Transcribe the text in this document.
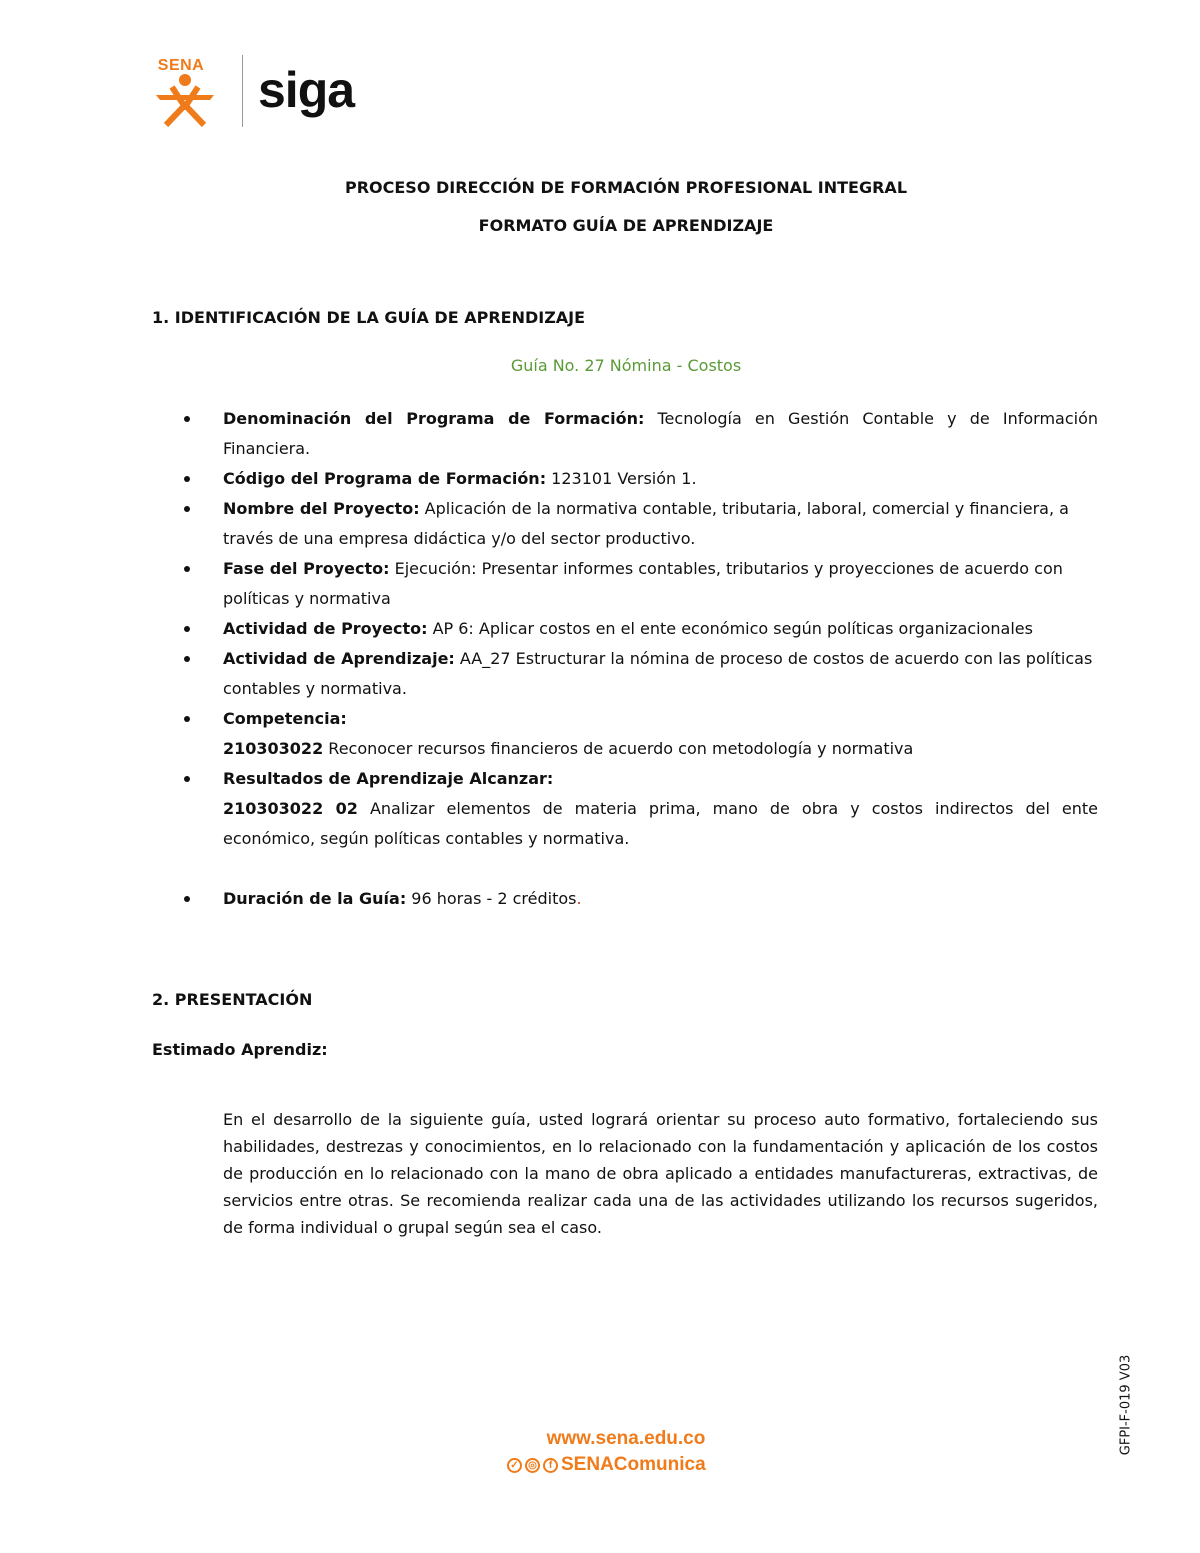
SENA siga
PROCESO DIRECCIÓN DE FORMACIÓN PROFESIONAL INTEGRAL
FORMATO GUÍA DE APRENDIZAJE
1. IDENTIFICACIÓN DE LA GUÍA DE APRENDIZAJE
Guía No. 27 Nómina - Costos
Denominación del Programa de Formación: Tecnología en Gestión Contable y de Información Financiera.
Código del Programa de Formación: 123101 Versión 1.
Nombre del Proyecto: Aplicación de la normativa contable, tributaria, laboral, comercial y financiera, a través de una empresa didáctica y/o del sector productivo.
Fase del Proyecto: Ejecución: Presentar informes contables, tributarios y proyecciones de acuerdo con políticas y normativa
Actividad de Proyecto: AP 6: Aplicar costos en el ente económico según políticas organizacionales
Actividad de Aprendizaje: AA_27 Estructurar la nómina de proceso de costos de acuerdo con las políticas contables y normativa.
Competencia:
210303022 Reconocer recursos financieros de acuerdo con metodología y normativa
Resultados de Aprendizaje Alcanzar:
210303022 02 Analizar elementos de materia prima, mano de obra y costos indirectos del ente económico, según políticas contables y normativa.
Duración de la Guía: 96 horas - 2 créditos.
2. PRESENTACIÓN
Estimado Aprendiz:
En el desarrollo de la siguiente guía, usted logrará orientar su proceso auto formativo, fortaleciendo sus habilidades, destrezas y conocimientos, en lo relacionado con la fundamentación y aplicación de los costos de producción en lo relacionado con la mano de obra aplicado a entidades manufactureras, extractivas, de servicios entre otras. Se recomienda realizar cada una de las actividades utilizando los recursos sugeridos, de forma individual o grupal según sea el caso.
GFPI-F-019 V03
www.sena.edu.co
✓ ◎	f SENAComunica
